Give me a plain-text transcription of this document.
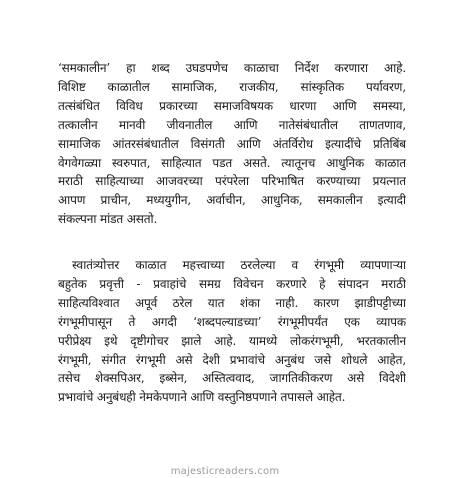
‘समकालीन’ हा शब्द उघडपणेच काळाचा निर्देश करणारा आहे.
विशिष्ट काळातील सामाजिक, राजकीय, सांस्कृतिक पर्यावरण,
तत्संबंधित विविध प्रकारच्या समाजविषयक धारणा आणि समस्या,
तत्कालीन मानवी जीवनातील आणि नातेसंबंधातील ताणतणाव,
सामाजिक आंतरसंबंधातील विसंगती आणि अंतर्विरोध इत्यादींचे प्रतिबिंब
वेगवेगळ्या स्वरुपात, साहित्यात पडत असते. त्यातूनच आधुनिक काळात
मराठी साहित्याच्या आजवरच्या परंपरेला परिभाषित करण्याच्या प्रयत्नात
आपण प्राचीन, मध्ययुगीन, अर्वाचीन, आधुनिक, समकालीन इत्यादी
संकल्पना मांडत असतो.
स्वातंत्र्योत्तर काळात महत्त्वाच्या ठरलेल्या व रंगभूमी व्यापणाऱ्या
बहुतेक प्रवृत्ती - प्रवाहांचे समग्र विवेचन करणारे हे संपादन मराठी
साहित्यविश्वात अपूर्व ठरेल यात शंका नाही. कारण झाडीपट्टीच्या
रंगभूमीपासून ते अगदी ‘शब्दपल्याडच्या’ रंगभूमीपर्यंत एक व्यापक
परीप्रेक्ष्य इथे दृष्टीगोचर झाले आहे. यामध्ये लोकरंगभूमी, भरतकालीन
रंगभूमी, संगीत रंगभूमी असे देशी प्रभावांचे अनुबंध जसे शोधले आहेत,
तसेच शेक्सपिअर, इब्सेन, अस्तित्ववाद, जागतिकीकरण असे विदेशी
प्रभावांचे अनुबंधही नेमकेपणाने आणि वस्तुनिष्ठपणाने तपासले आहेत.
majesticreaders.com
